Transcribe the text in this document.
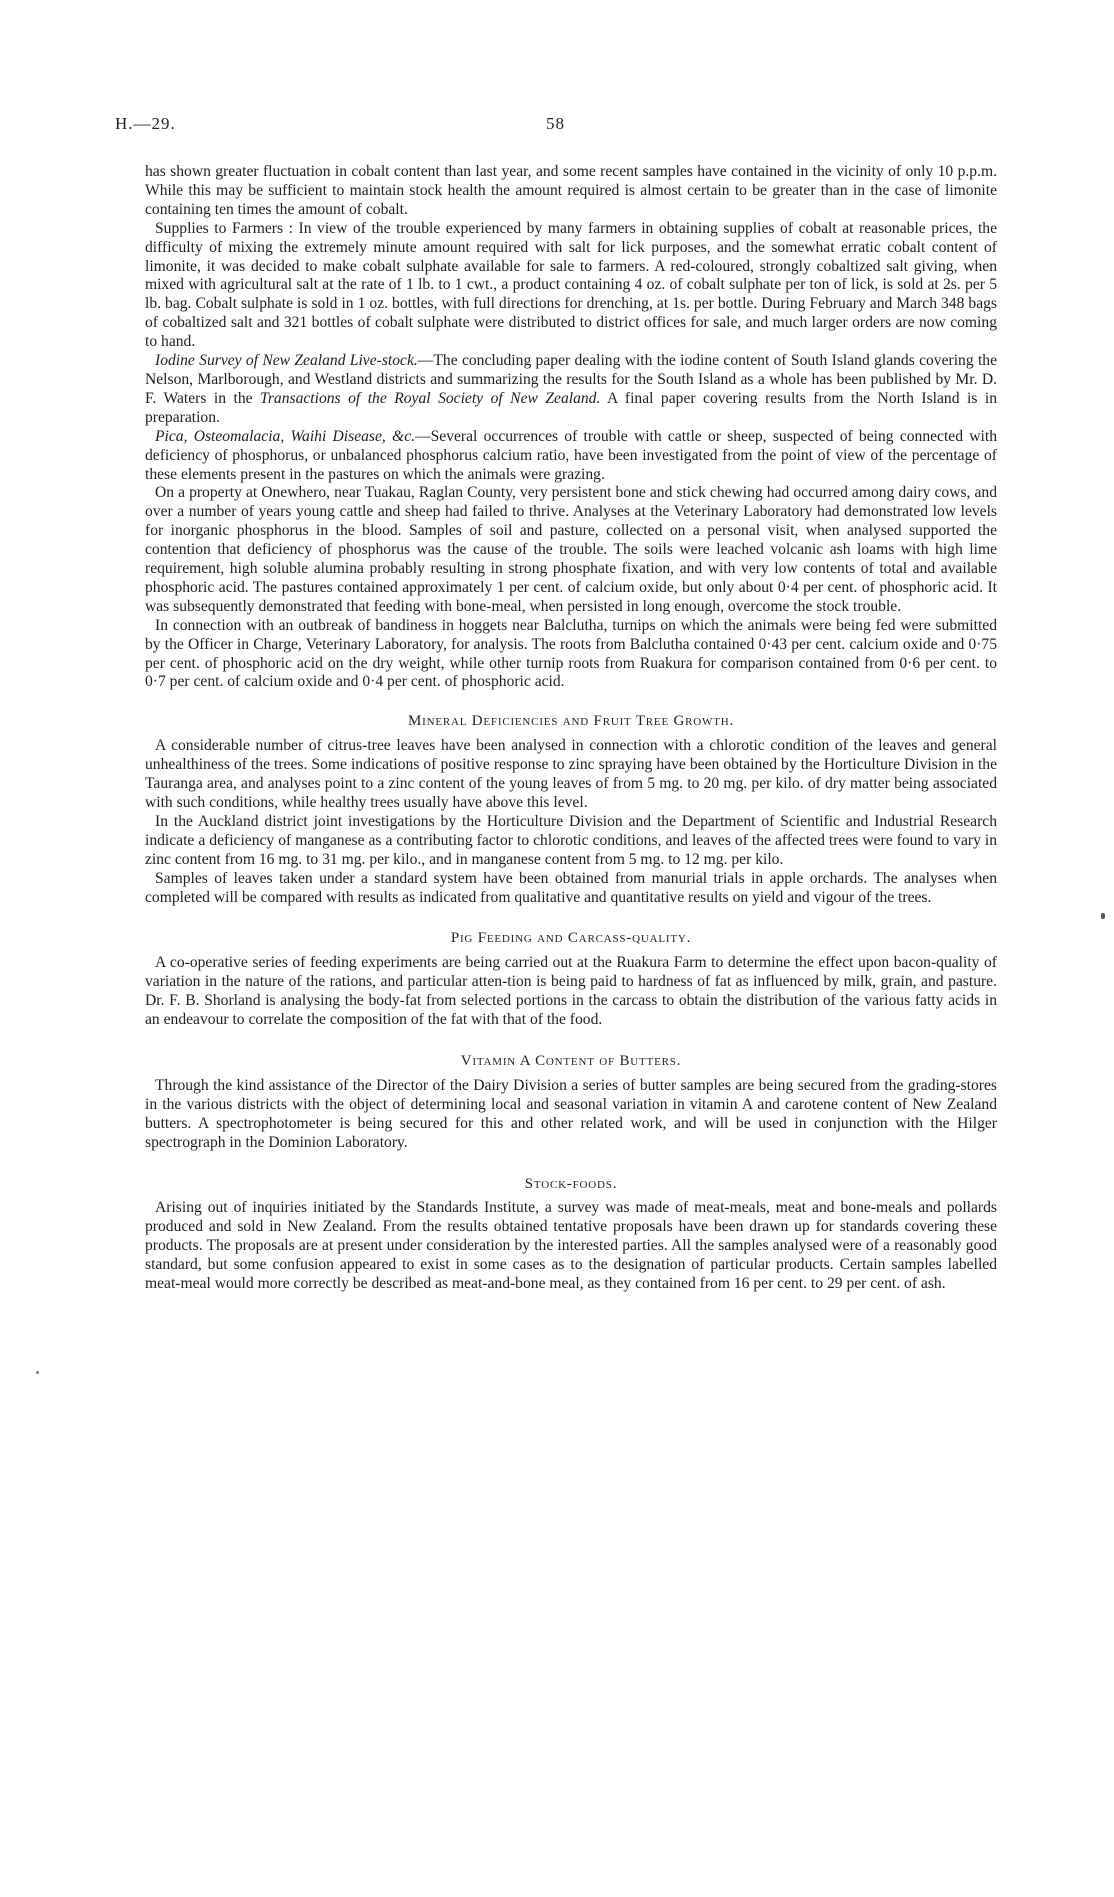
H.—29.	58

has shown greater fluctuation in cobalt content than last year, and some recent samples have contained in the vicinity of only 10 p.p.m. While this may be sufficient to maintain stock health the amount required is almost certain to be greater than in the case of limonite containing ten times the amount of cobalt.

Supplies to Farmers : In view of the trouble experienced by many farmers in obtaining supplies of cobalt at reasonable prices, the difficulty of mixing the extremely minute amount required with salt for lick purposes, and the somewhat erratic cobalt content of limonite, it was decided to make cobalt sulphate available for sale to farmers. A red-coloured, strongly cobaltized salt giving, when mixed with agricultural salt at the rate of 1 lb. to 1 cwt., a product containing 4 oz. of cobalt sulphate per ton of lick, is sold at 2s. per 5 lb. bag. Cobalt sulphate is sold in 1 oz. bottles, with full directions for drenching, at 1s. per bottle. During February and March 348 bags of cobaltized salt and 321 bottles of cobalt sulphate were distributed to district offices for sale, and much larger orders are now coming to hand.

Iodine Survey of New Zealand Live-stock.—The concluding paper dealing with the iodine content of South Island glands covering the Nelson, Marlborough, and Westland districts and summarizing the results for the South Island as a whole has been published by Mr. D. F. Waters in the Transactions of the Royal Society of New Zealand. A final paper covering results from the North Island is in preparation.

Pica, Osteomalacia, Waihi Disease, &c.—Several occurrences of trouble with cattle or sheep, suspected of being connected with deficiency of phosphorus, or unbalanced phosphorus calcium ratio, have been investigated from the point of view of the percentage of these elements present in the pastures on which the animals were grazing.

On a property at Onewhero, near Tuakau, Raglan County, very persistent bone and stick chewing had occurred among dairy cows, and over a number of years young cattle and sheep had failed to thrive. Analyses at the Veterinary Laboratory had demonstrated low levels for inorganic phosphorus in the blood. Samples of soil and pasture, collected on a personal visit, when analysed supported the contention that deficiency of phosphorus was the cause of the trouble. The soils were leached volcanic ash loams with high lime requirement, high soluble alumina probably resulting in strong phosphate fixation, and with very low contents of total and available phosphoric acid. The pastures contained approximately 1 per cent. of calcium oxide, but only about 0·4 per cent. of phosphoric acid. It was subsequently demonstrated that feeding with bone-meal, when persisted in long enough, overcome the stock trouble.

In connection with an outbreak of bandiness in hoggets near Balclutha, turnips on which the animals were being fed were submitted by the Officer in Charge, Veterinary Laboratory, for analysis. The roots from Balclutha contained 0·43 per cent. calcium oxide and 0·75 per cent. of phosphoric acid on the dry weight, while other turnip roots from Ruakura for comparison contained from 0·6 per cent. to 0·7 per cent. of calcium oxide and 0·4 per cent. of phosphoric acid.

Mineral Deficiencies and Fruit Tree Growth.

A considerable number of citrus-tree leaves have been analysed in connection with a chlorotic condition of the leaves and general unhealthiness of the trees. Some indications of positive response to zinc spraying have been obtained by the Horticulture Division in the Tauranga area, and analyses point to a zinc content of the young leaves of from 5 mg. to 20 mg. per kilo. of dry matter being associated with such conditions, while healthy trees usually have above this level.

In the Auckland district joint investigations by the Horticulture Division and the Department of Scientific and Industrial Research indicate a deficiency of manganese as a contributing factor to chlorotic conditions, and leaves of the affected trees were found to vary in zinc content from 16 mg. to 31 mg. per kilo., and in manganese content from 5 mg. to 12 mg. per kilo.

Samples of leaves taken under a standard system have been obtained from manurial trials in apple orchards. The analyses when completed will be compared with results as indicated from qualitative and quantitative results on yield and vigour of the trees.

Pig Feeding and Carcass-quality.

A co-operative series of feeding experiments are being carried out at the Ruakura Farm to determine the effect upon bacon-quality of variation in the nature of the rations, and particular atten-tion is being paid to hardness of fat as influenced by milk, grain, and pasture. Dr. F. B. Shorland is analysing the body-fat from selected portions in the carcass to obtain the distribution of the various fatty acids in an endeavour to correlate the composition of the fat with that of the food.

Vitamin A Content of Butters.

Through the kind assistance of the Director of the Dairy Division a series of butter samples are being secured from the grading-stores in the various districts with the object of determining local and seasonal variation in vitamin A and carotene content of New Zealand butters. A spectrophotometer is being secured for this and other related work, and will be used in conjunction with the Hilger spectrograph in the Dominion Laboratory.

Stock-foods.

Arising out of inquiries initiated by the Standards Institute, a survey was made of meat-meals, meat and bone-meals and pollards produced and sold in New Zealand. From the results obtained tentative proposals have been drawn up for standards covering these products. The proposals are at present under consideration by the interested parties. All the samples analysed were of a reasonably good standard, but some confusion appeared to exist in some cases as to the designation of particular products. Certain samples labelled meat-meal would more correctly be described as meat-and-bone meal, as they contained from 16 per cent. to 29 per cent. of ash.
